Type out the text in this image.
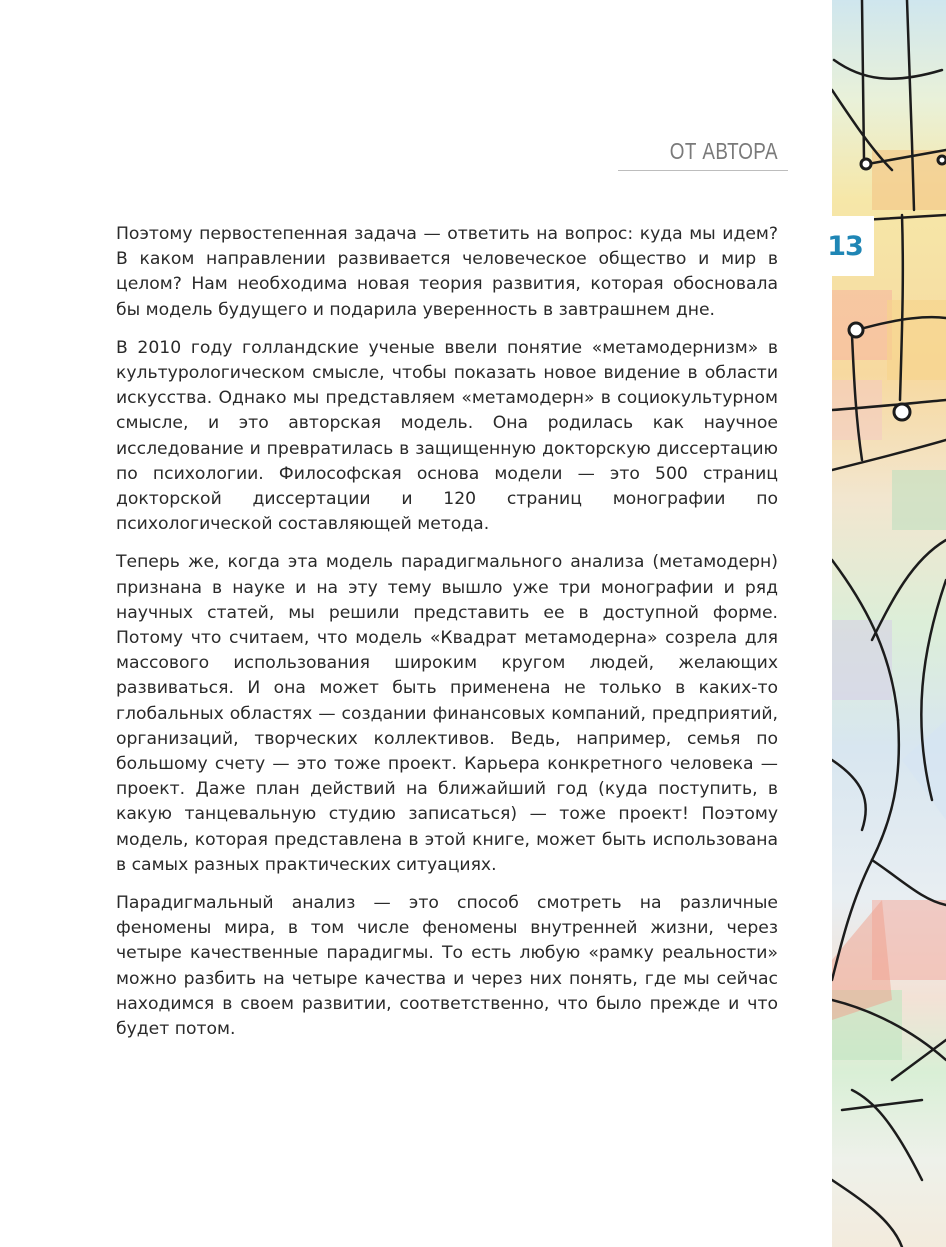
ОТ АВТОРА

Поэтому первостепенная задача — ответить на вопрос: куда мы идем? В каком направлении развивается человеческое общество и мир в целом? Нам необходима новая теория развития, которая обосновала бы модель будущего и подарила уверенность в завтрашнем дне.

В 2010 году голландские ученые ввели понятие «метамодернизм» в культурологическом смысле, чтобы показать новое видение в области искусства. Однако мы представляем «метамодерн» в социокультурном смысле, и это авторская модель. Она родилась как научное исследование и превратилась в защищенную докторскую диссертацию по психологии. Философская основа модели — это 500 страниц докторской диссертации и 120 страниц монографии по психологической составляющей метода.

Теперь же, когда эта модель парадигмального анализа (метамодерн) признана в науке и на эту тему вышло уже три монографии и ряд научных статей, мы решили представить ее в доступной форме. Потому что считаем, что модель «Квадрат метамодерна» созрела для массового использования широким кругом людей, желающих развиваться. И она может быть применена не только в каких-то глобальных областях — создании финансовых компаний, предприятий, организаций, творческих коллективов. Ведь, например, семья по большому счету — это тоже проект. Карьера конкретного человека — проект. Даже план действий на ближайший год (куда поступить, в какую танцевальную студию записаться) — тоже проект! Поэтому модель, которая представлена в этой книге, может быть использована в самых разных практических ситуациях.

Парадигмальный анализ — это способ смотреть на различные феномены мира, в том числе феномены внутренней жизни, через четыре качественные парадигмы. То есть любую «рамку реальности» можно разбить на четыре качества и через них понять, где мы сейчас находимся в своем развитии, соответственно, что было прежде и что будет потом.

13
